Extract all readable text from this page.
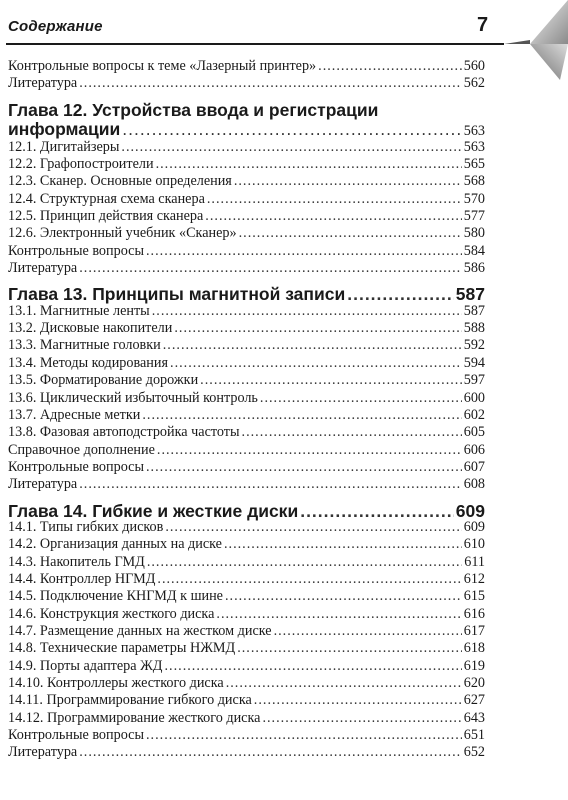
Содержание	7
Контрольные вопросы к теме «Лазерный принтер» .....	560
Литература .....	562
Глава 12. Устройства ввода и регистрации
информации .....	563
12.1. Дигитайзеры .....	563
12.2. Графопостроители .....	565
12.3. Сканер. Основные определения .....	568
12.4. Структурная схема сканера .....	570
12.5. Принцип действия сканера .....	577
12.6. Электронный учебник «Сканер» .....	580
Контрольные вопросы .....	584
Литература .....	586
Глава 13. Принципы магнитной записи .....	587
13.1. Магнитные ленты .....	587
13.2. Дисковые накопители .....	588
13.3. Магнитные головки .....	592
13.4. Методы кодирования .....	594
13.5. Форматирование дорожки .....	597
13.6. Циклический избыточный контроль .....	600
13.7. Адресные метки .....	602
13.8. Фазовая автоподстройка частоты .....	605
Справочное дополнение .....	606
Контрольные вопросы .....	607
Литература .....	608
Глава 14. Гибкие и жесткие диски .....	609
14.1. Типы гибких дисков .....	609
14.2. Организация данных на диске .....	610
14.3. Накопитель ГМД .....	611
14.4. Контроллер НГМД .....	612
14.5. Подключение КНГМД к шине .....	615
14.6. Конструкция жесткого диска .....	616
14.7. Размещение данных на жестком диске .....	617
14.8. Технические параметры НЖМД .....	618
14.9. Порты адаптера ЖД .....	619
14.10. Контроллеры жесткого диска .....	620
14.11. Программирование гибкого диска .....	627
14.12. Программирование жесткого диска .....	643
Контрольные вопросы .....	651
Литература .....	652
